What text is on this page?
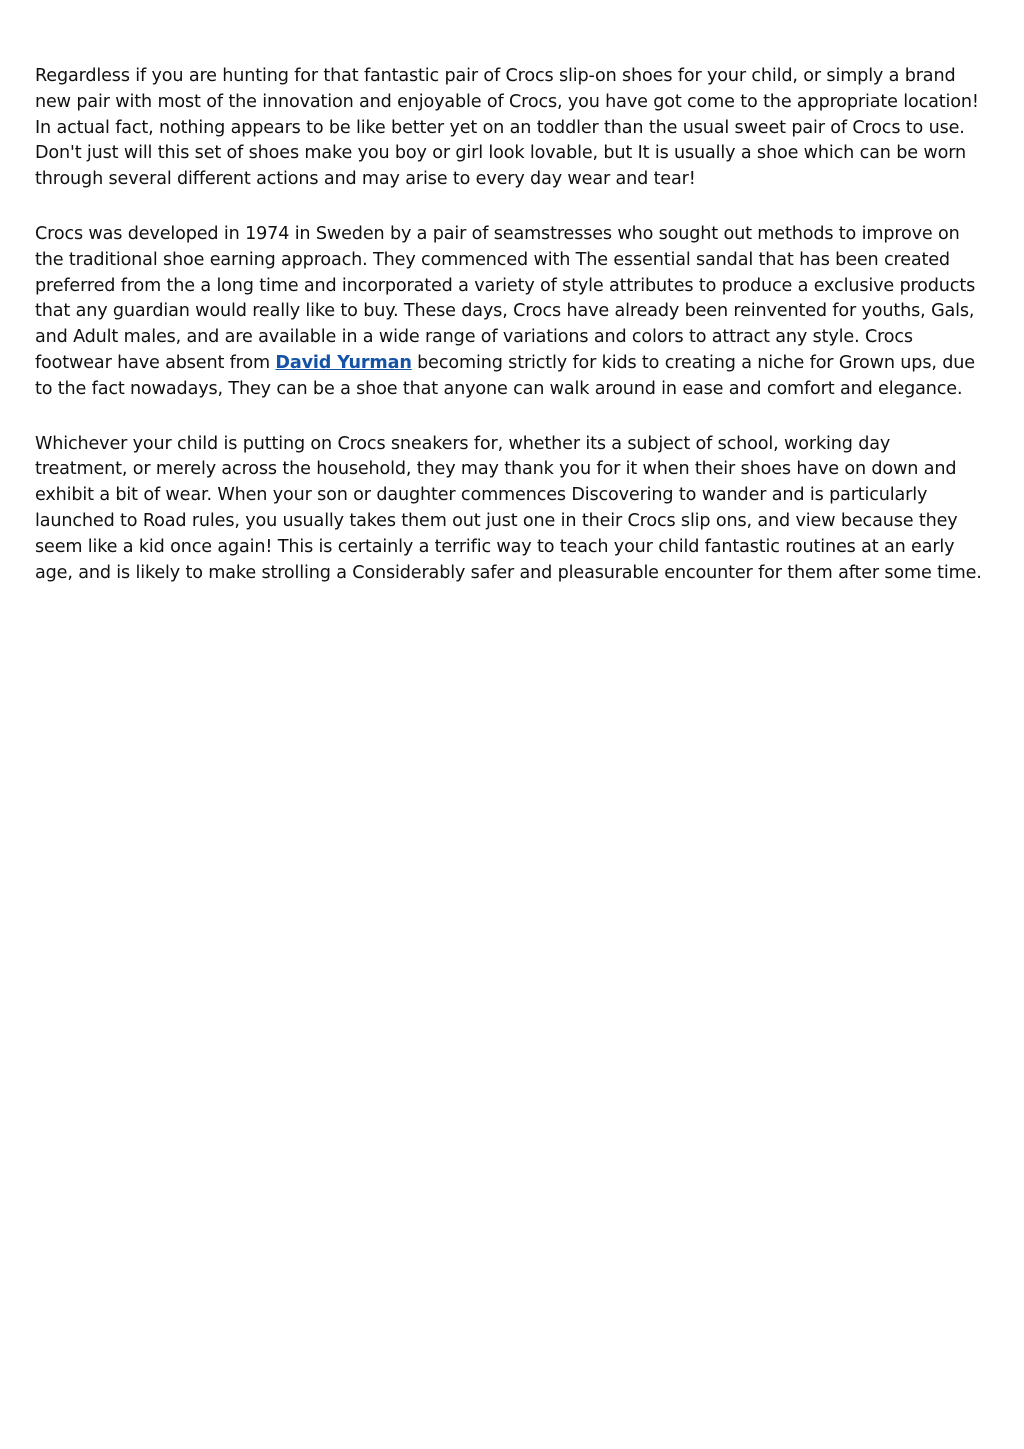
Regardless if you are hunting for that fantastic pair of Crocs slip-on shoes for your child, or simply a brand new pair with most of the innovation and enjoyable of Crocs, you have got come to the appropriate location! In actual fact, nothing appears to be like better yet on an toddler than the usual sweet pair of Crocs to use. Don't just will this set of shoes make you boy or girl look lovable, but It is usually a shoe which can be worn through several different actions and may arise to every day wear and tear!

Crocs was developed in 1974 in Sweden by a pair of seamstresses who sought out methods to improve on the traditional shoe earning approach. They commenced with The essential sandal that has been created preferred from the a long time and incorporated a variety of style attributes to produce a exclusive products that any guardian would really like to buy. These days, Crocs have already been reinvented for youths, Gals, and Adult males, and are available in a wide range of variations and colors to attract any style. Crocs footwear have absent from David Yurman becoming strictly for kids to creating a niche for Grown ups, due to the fact nowadays, They can be a shoe that anyone can walk around in ease and comfort and elegance.

Whichever your child is putting on Crocs sneakers for, whether its a subject of school, working day treatment, or merely across the household, they may thank you for it when their shoes have on down and exhibit a bit of wear. When your son or daughter commences Discovering to wander and is particularly launched to Road rules, you usually takes them out just one in their Crocs slip ons, and view because they seem like a kid once again! This is certainly a terrific way to teach your child fantastic routines at an early age, and is likely to make strolling a Considerably safer and pleasurable encounter for them after some time.
